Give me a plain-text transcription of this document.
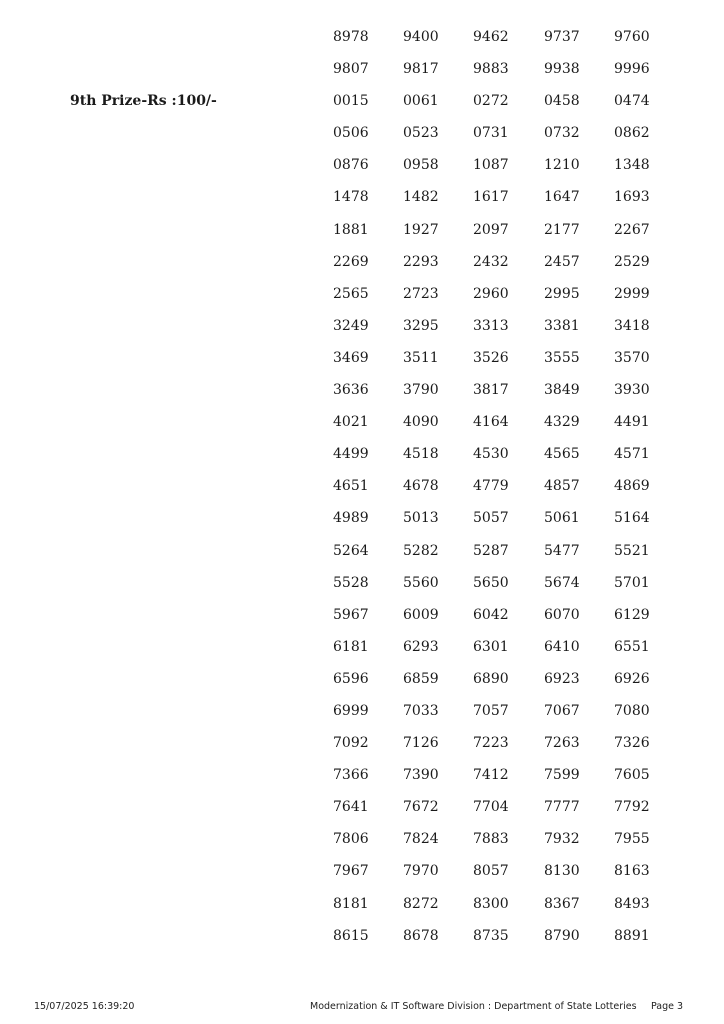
9th Prize-Rs :100/-
8978 9400 9462	9737 9760
9807 9817 9883	9938 9996
0015 0061 0272	0458 0474
0506 0523 0731	0732 0862
0876 0958 1087	1210 1348
1478 1482 1617	1647 1693
1881 1927 2097	2177 2267
2269 2293 2432	2457 2529
2565 2723 2960	2995 2999
3249 3295 3313	3381 3418
3469 3511 3526	3555 3570
3636 3790 3817	3849 3930
4021 4090 4164	4329 4491
4499 4518 4530	4565 4571
4651 4678 4779	4857 4869
4989 5013 5057	5061 5164
5264 5282 5287	5477 5521
5528 5560 5650	5674 5701
5967 6009 6042	6070 6129
6181 6293 6301	6410 6551
6596 6859 6890	6923 6926
6999 7033 7057	7067 7080
7092 7126 7223	7263 7326
7366 7390 7412	7599 7605
7641 7672 7704	7777 7792
7806 7824 7883	7932 7955
7967 7970 8057	8130 8163
8181 8272 8300	8367 8493
8615 8678 8735	8790 8891
15/07/2025 16:39:20	Modernization & IT Software Division : Department of State Lotteries Page 3
